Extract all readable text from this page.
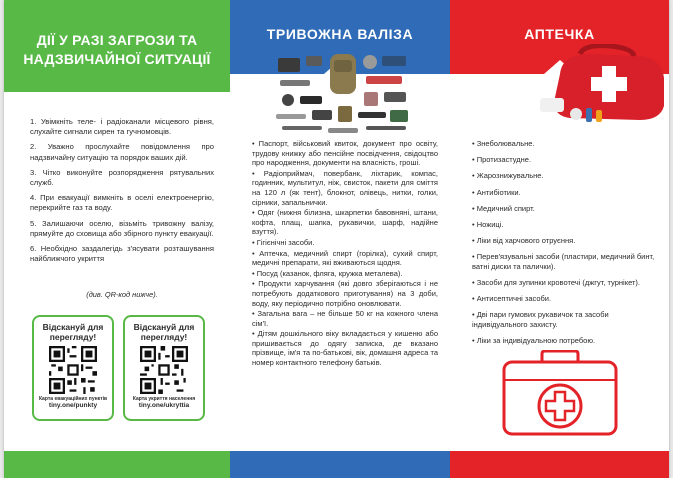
ДІЇ У РАЗІ ЗАГРОЗИ ТА НАДЗВИЧАЙНОЇ СИТУАЦІЇ
1. Увімкніть теле- і радіоканали місцевого рівня, слухайте сигнали сирен та гучномовців.
2. Уважно прослухайте повідомлення про надзвичайну ситуацію та порядок ваших дій.
3. Чітко виконуйте розпорядження рятувальних служб.
4. При евакуації вимкніть в оселі електроенергію, перекрийте газ та воду.
5. Залишаючи оселю, візьміть тривожну валізу, прямуйте до сховища або збірного пункту евакуації.
6. Необхідно заздалегідь з'ясувати розташування найближчого укриття
(див. QR-код нижче).
Відскануй для перегляду!
Карта евакуаційних пунктів
tiny.one/punkty
Відскануй для перегляду!
Карта укриття населення
tiny.one/ukryttia
ТРИВОЖНА ВАЛІЗА
• Паспорт, військовий квиток, документ про освіту, трудову книжку або пенсійне посвідчення, свідоцтво про народження, документи на власність, гроші.
• Радіоприймач, повербанк, ліхтарик, компас, годинник, мультитул, ніж, свисток, пакети для сміття на 120 л (як тент), блокнот, олівець, нитки, голки, сірники, запальнички.
• Одяг (нижня білизна, шкарпетки бавовняні, штани, кофта, плащ, шапка, рукавички, шарф, надійне взуття).
• Гігієнічні засоби.
• Аптечка, медичний спирт (горілка), сухий спирт, медичні препарати, які вживаються щодня.
• Посуд (казанок, фляга, кружка металева).
• Продукти харчування (які довго зберігаються і не потребують додаткового приготування) на 3 доби, воду, яку періодично потрібно оновлювати.
• Загальна вага – не більше 50 кг на кожного члена сім'ї.
• Дітям дошкільного віку вкладається у кишеню або пришивається до одягу записка, де вказано прізвище, ім'я та по-батькові, вік, домашня адреса та номер контактного телефону батьків.
АПТЕЧКА
• Знеболювальне.
• Протизастудне.
• Жарознижувальне.
• Антибіотики.
• Медичний спирт.
• Ножиці.
• Ліки від харчового отруєння.
• Перев'язувальні засоби (пластири, медичний бинт, ватні диски та палички).
• Засоби для зупинки кровотечі (джгут, турнікет).
• Антисептичні засоби.
• Дві пари гумових рукавичок та засоби індивідуального захисту.
• Ліки за індивідуальною потребою.
